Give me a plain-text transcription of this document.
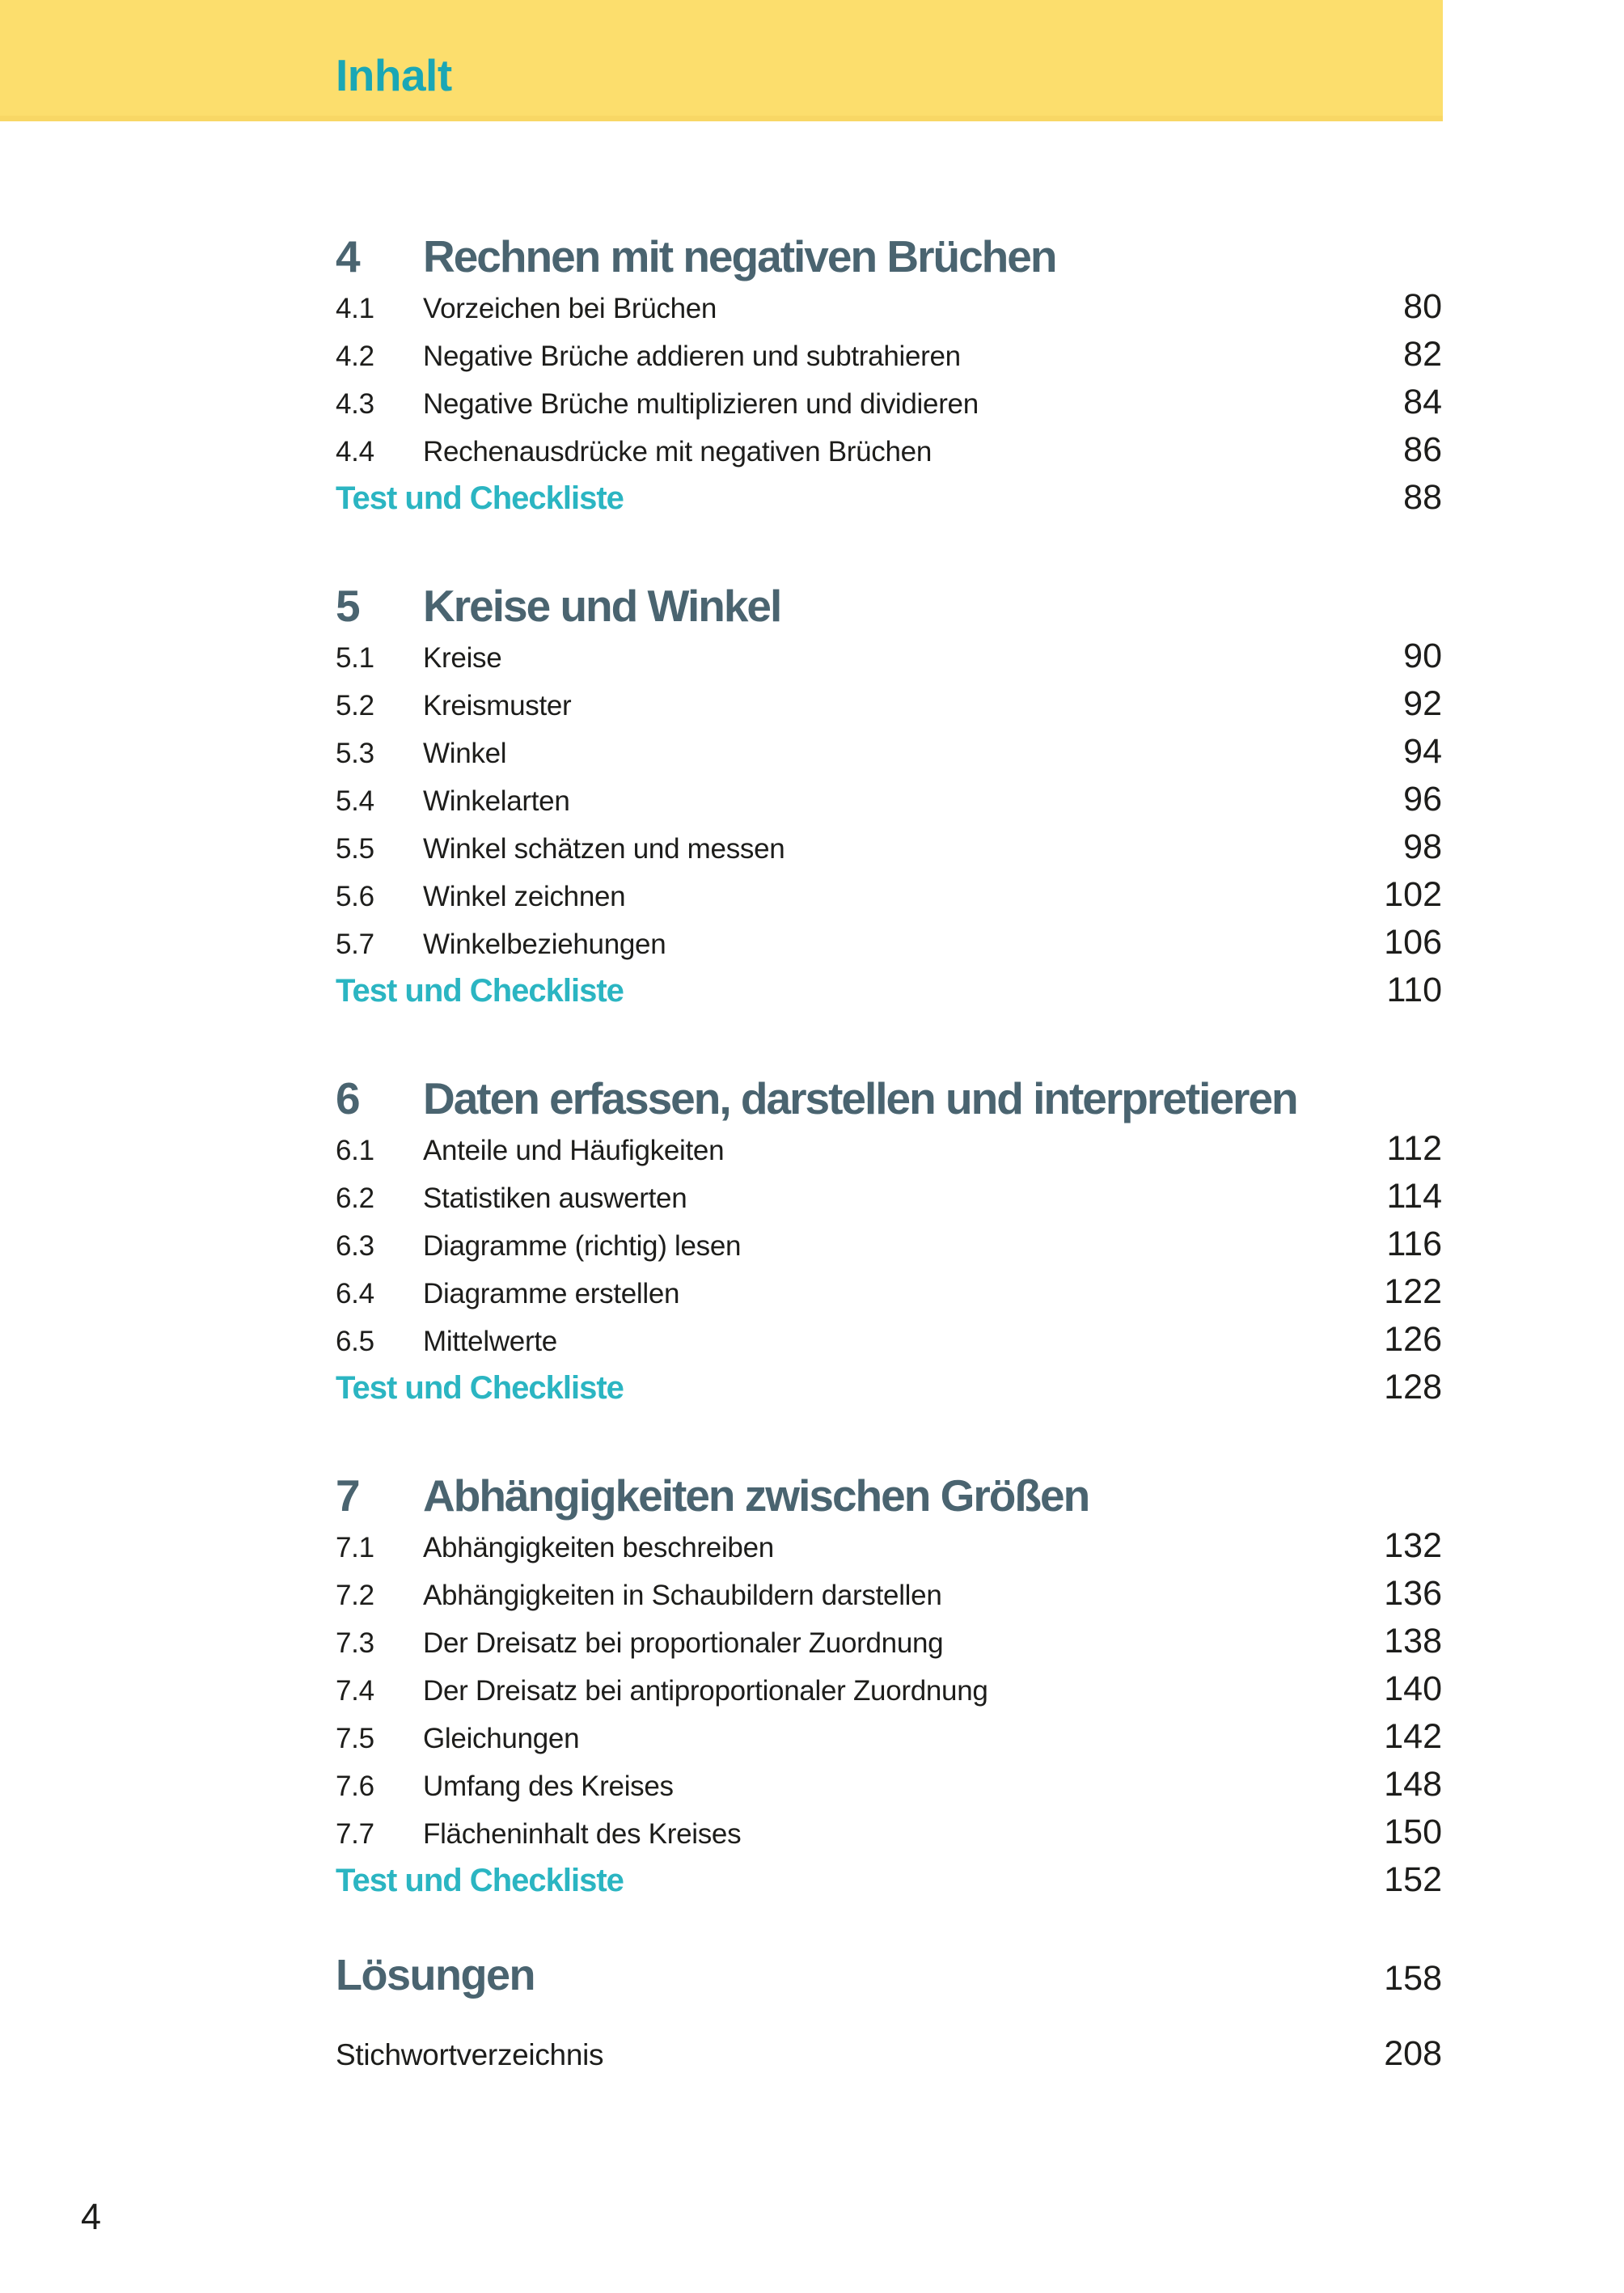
Inhalt
4	Rechnen mit negativen Brüchen
4.1	Vorzeichen bei Brüchen	80
4.2	Negative Brüche addieren und subtrahieren	82
4.3	Negative Brüche multiplizieren und dividieren	84
4.4	Rechenausdrücke mit negativen Brüchen	86
Test und Checkliste	88
5	Kreise und Winkel
5.1	Kreise	90
5.2	Kreismuster	92
5.3	Winkel	94
5.4	Winkelarten	96
5.5	Winkel schätzen und messen	98
5.6	Winkel zeichnen	102
5.7	Winkelbeziehungen	106
Test und Checkliste	110
6	Daten erfassen, darstellen und interpretieren
6.1	Anteile und Häufigkeiten	112
6.2	Statistiken auswerten	114
6.3	Diagramme (richtig) lesen	116
6.4	Diagramme erstellen	122
6.5	Mittelwerte	126
Test und Checkliste	128
7	Abhängigkeiten zwischen Größen
7.1	Abhängigkeiten beschreiben	132
7.2	Abhängigkeiten in Schaubildern darstellen	136
7.3	Der Dreisatz bei proportionaler Zuordnung	138
7.4	Der Dreisatz bei antiproportionaler Zuordnung	140
7.5	Gleichungen	142
7.6	Umfang des Kreises	148
7.7	Flächeninhalt des Kreises	150
Test und Checkliste	152
Lösungen	158
Stichwortverzeichnis	208
4
